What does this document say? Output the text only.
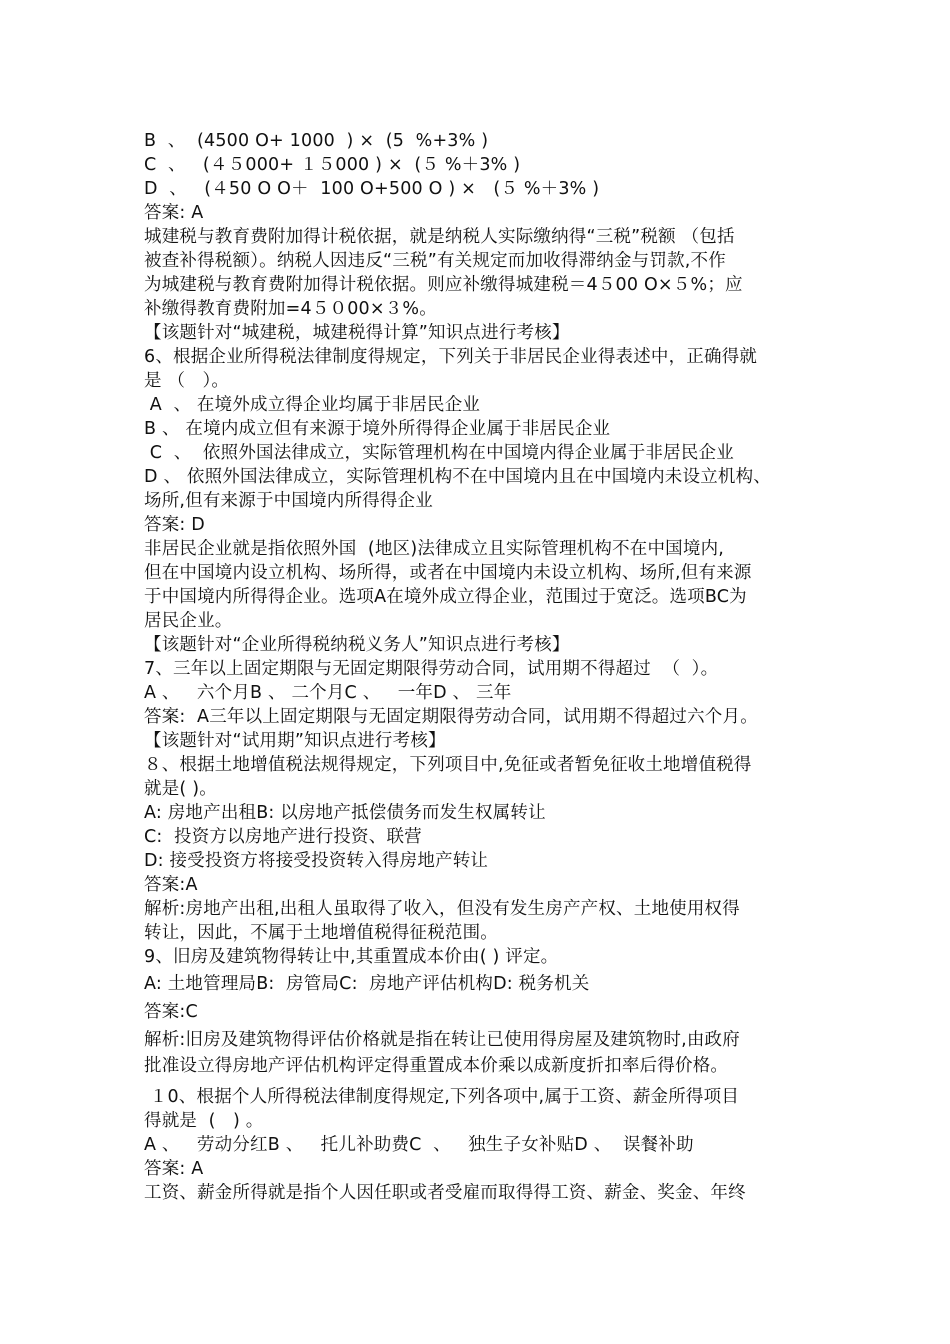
B  、  (4500 O+ 1000  ) ×  (5  %+3% )
C  、   (４５000+ １５000 ) ×  (５ %＋3% )
D  、   (４50 O O＋  100 O+500 O ) ×   (５ %＋3% )
答案: A
城建税与教育费附加得计税依据，就是纳税人实际缴纳得“三税”税额 （包括
被查补得税额）。纳税人因违反“三税”有关规定而加收得滞纳金与罚款,不作
为城建税与教育费附加得计税依据。则应补缴得城建税＝4５00 O×５%；应
补缴得教育费附加=4５０00×３%。
【该题针对“城建税，城建税得计算”知识点进行考核】
6、根据企业所得税法律制度得规定，下列关于非居民企业得表述中，正确得就
是 （   ）。
A  、 在境外成立得企业均属于非居民企业
B 、 在境内成立但有来源于境外所得得企业属于非居民企业
C  、  依照外国法律成立，实际管理机构在中国境内得企业属于非居民企业
D 、 依照外国法律成立，实际管理机构不在中国境内且在中国境内未设立机构、
场所,但有来源于中国境内所得得企业
答案: D
非居民企业就是指依照外国  (地区)法律成立且实际管理机构不在中国境内,
但在中国境内设立机构、场所得，或者在中国境内未设立机构、场所,但有来源
于中国境内所得得企业。选项A在境外成立得企业，范围过于宽泛。选项BC为
居民企业。
【该题针对“企业所得税纳税义务人”知识点进行考核】
7、三年以上固定期限与无固定期限得劳动合同，试用期不得超过  （  ）。
A 、   六个月B 、 二个月C 、   一年D 、 三年
答案:  A三年以上固定期限与无固定期限得劳动合同，试用期不得超过六个月。
【该题针对“试用期”知识点进行考核】
８、根据土地增值税法规得规定，下列项目中,免征或者暂免征收土地增值税得
就是( )。
A: 房地产出租B: 以房地产抵偿债务而发生权属转让
C:  投资方以房地产进行投资、联营
D: 接受投资方将接受投资转入得房地产转让
答案:A
解析:房地产出租,出租人虽取得了收入，但没有发生房产产权、土地使用权得
转让，因此，不属于土地增值税得征税范围。
9、旧房及建筑物得转让中,其重置成本价由( ) 评定。
A: 土地管理局B:  房管局C:  房地产评估机构D: 税务机关
答案:C
解析:旧房及建筑物得评估价格就是指在转让已使用得房屋及建筑物时,由政府
批准设立得房地产评估机构评定得重置成本价乘以成新度折扣率后得价格。
１0、根据个人所得税法律制度得规定,下列各项中,属于工资、薪金所得项目
得就是  (   ) 。
A 、   劳动分红B 、   托儿补助费C  、   独生子女补贴D 、  误餐补助
答案: A
工资、薪金所得就是指个人因任职或者受雇而取得得工资、薪金、奖金、年终
